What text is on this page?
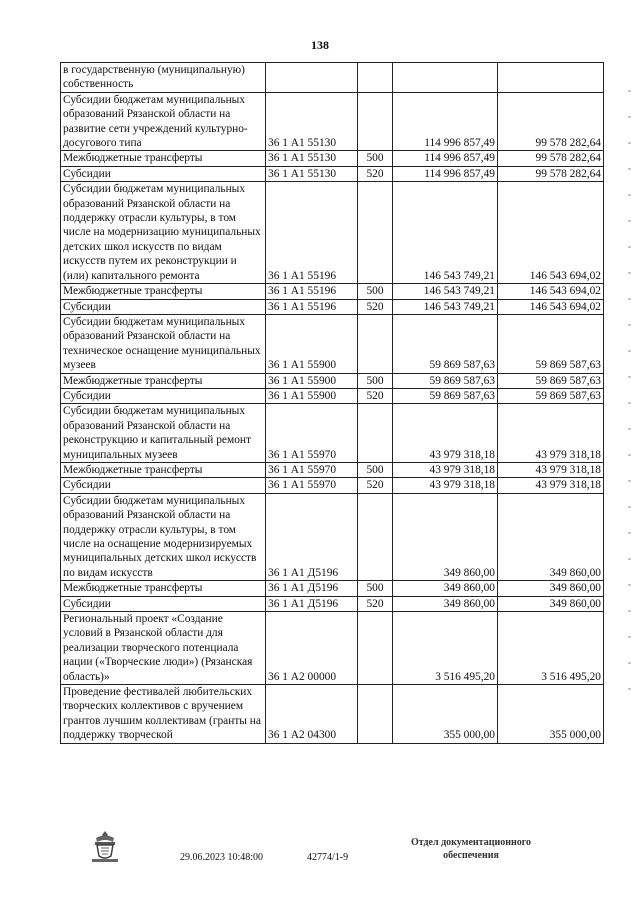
138
в государственную (муниципальную) собственность				
Субсидии бюджетам муниципальных образований Рязанской области на развитие сети учреждений культурно-досугового типа	36 1 А1 55130		114 996 857,49	99 578 282,64
Межбюджетные трансферты	36 1 А1 55130	500	114 996 857,49	99 578 282,64
Субсидии	36 1 А1 55130	520	114 996 857,49	99 578 282,64
Субсидии бюджетам муниципальных образований Рязанской области на поддержку отрасли культуры, в том числе на модернизацию муниципальных детских школ искусств по видам искусств путем их реконструкции и (или) капитального ремонта	36 1 А1 55196		146 543 749,21	146 543 694,02
Межбюджетные трансферты	36 1 А1 55196	500	146 543 749,21	146 543 694,02
Субсидии	36 1 А1 55196	520	146 543 749,21	146 543 694,02
Субсидии бюджетам муниципальных образований Рязанской области на техническое оснащение муниципальных музеев	36 1 А1 55900		59 869 587,63	59 869 587,63
Межбюджетные трансферты	36 1 А1 55900	500	59 869 587,63	59 869 587,63
Субсидии	36 1 А1 55900	520	59 869 587,63	59 869 587,63
Субсидии бюджетам муниципальных образований Рязанской области на реконструкцию и капитальный ремонт муниципальных музеев	36 1 А1 55970		43 979 318,18	43 979 318,18
Межбюджетные трансферты	36 1 А1 55970	500	43 979 318,18	43 979 318,18
Субсидии	36 1 А1 55970	520	43 979 318,18	43 979 318,18
Субсидии бюджетам муниципальных образований Рязанской области на поддержку отрасли культуры, в том числе на оснащение модернизируемых муниципальных детских школ искусств по видам искусств	36 1 А1 Д5196		349 860,00	349 860,00
Межбюджетные трансферты	36 1 А1 Д5196	500	349 860,00	349 860,00
Субсидии	36 1 А1 Д5196	520	349 860,00	349 860,00
Региональный проект «Создание условий в Рязанской области для реализации творческого потенциала нации («Творческие люди») (Рязанская область)»	36 1 А2 00000		3 516 495,20	3 516 495,20
Проведение фестивалей любительских творческих коллективов с вручением грантов лучшим коллективам (гранты на поддержку творческой	36 1 А2 04300		355 000,00	355 000,00
29.06.2023 10:48:00	42774/1-9
Отдел документационного обеспечения
